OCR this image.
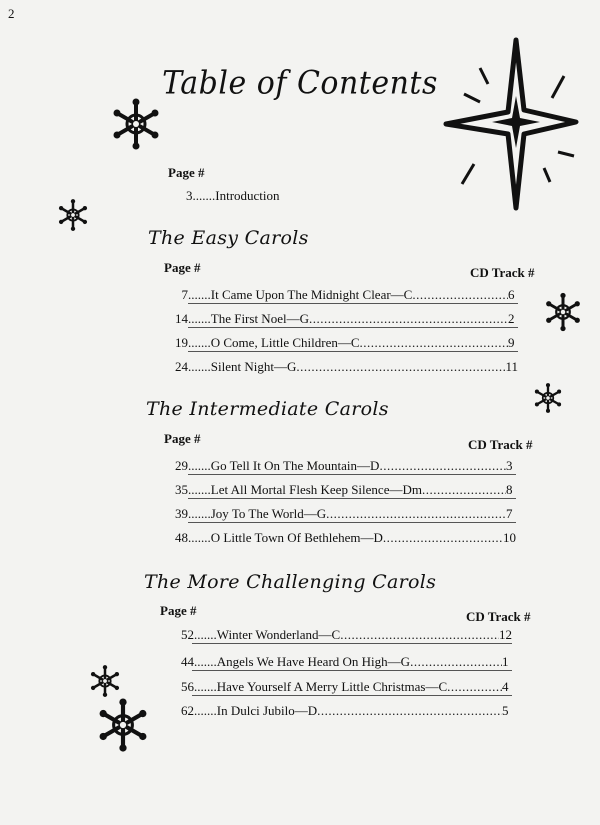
2
Table of Contents
Page #
3.......Introduction
The Easy Carols
Page #	CD Track #
7 ....... It Came Upon The Midnight Clear—C .....	6
14 ....... The First Noel—G .....	2
19 ....... O Come, Little Children—C .....	9
24 ....... Silent Night—G .....	11
The Intermediate Carols
Page #	CD Track #
29 ....... Go Tell It On The Mountain—D .....	3
35 ....... Let All Mortal Flesh Keep Silence—Dm .....	8
39 ....... Joy To The World—G .....	7
48 ....... O Little Town Of Bethlehem—D .....	10
The More Challenging Carols
Page #	CD Track #
52 ....... Winter Wonderland—C .....	12
44 ....... Angels We Have Heard On High—G .....	1
56 ....... Have Yourself A Merry Little Christmas—C .....	4
62 ....... In Dulci Jubilo—D .....	5
